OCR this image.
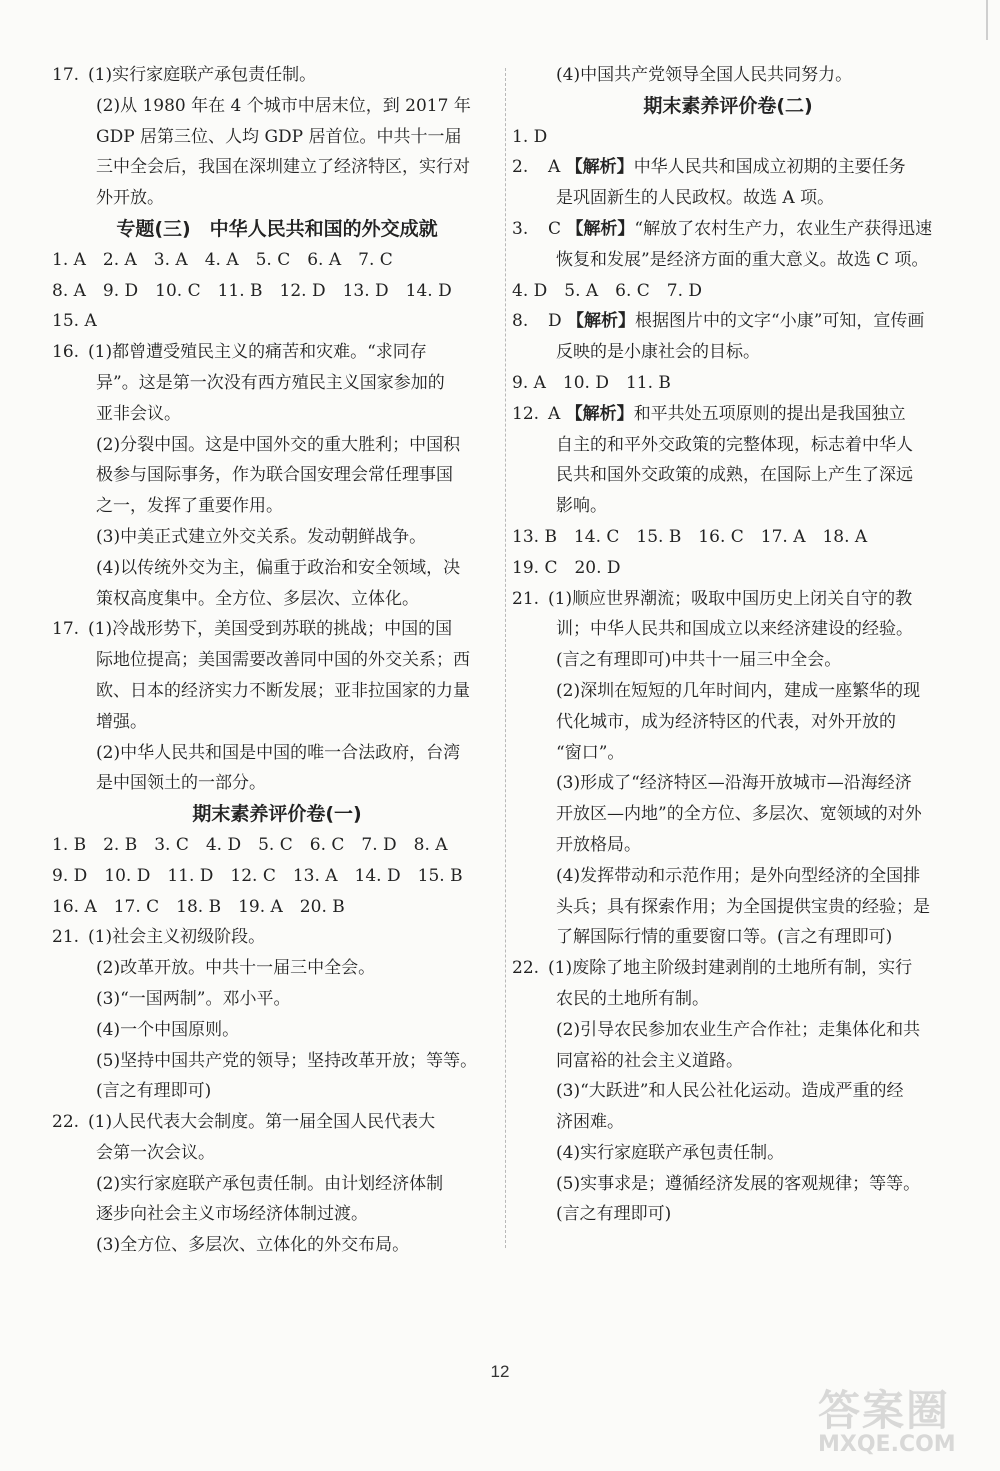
17. (1)实行家庭联产承包责任制。
(2)从 1980 年在 4 个城市中居末位，到 2017 年
GDP 居第三位、人均 GDP 居首位。中共十一届
三中全会后，我国在深圳建立了经济特区，实行对
外开放。
专题(三)　中华人民共和国的外交成就
1. A　2. A　3. A　4. A　5. C　6. A　7. C
8. A　9. D　10. C　11. B　12. D　13. D　14. D
15. A
16. (1)都曾遭受殖民主义的痛苦和灾难。“求同存
异”。这是第一次没有西方殖民主义国家参加的
亚非会议。
(2)分裂中国。这是中国外交的重大胜利；中国积
极参与国际事务，作为联合国安理会常任理事国
之一，发挥了重要作用。
(3)中美正式建立外交关系。发动朝鲜战争。
(4)以传统外交为主，偏重于政治和安全领域，决
策权高度集中。全方位、多层次、立体化。
17. (1)冷战形势下，美国受到苏联的挑战；中国的国
际地位提高；美国需要改善同中国的外交关系；西
欧、日本的经济实力不断发展；亚非拉国家的力量
增强。
(2)中华人民共和国是中国的唯一合法政府，台湾
是中国领土的一部分。
期末素养评价卷(一)
1. B　2. B　3. C　4. D　5. C　6. C　7. D　8. A
9. D　10. D　11. D　12. C　13. A　14. D　15. B
16. A　17. C　18. B　19. A　20. B
21. (1)社会主义初级阶段。
(2)改革开放。中共十一届三中全会。
(3)“一国两制”。邓小平。
(4)一个中国原则。
(5)坚持中国共产党的领导；坚持改革开放；等等。
(言之有理即可)
22. (1)人民代表大会制度。第一届全国人民代表大
会第一次会议。
(2)实行家庭联产承包责任制。由计划经济体制
逐步向社会主义市场经济体制过渡。
(3)全方位、多层次、立体化的外交布局。
(4)中国共产党领导全国人民共同努力。
期末素养评价卷(二)
1. D
2.	A 【解析】中华人民共和国成立初期的主要任务
是巩固新生的人民政权。故选 A 项。
3.	C 【解析】“解放了农村生产力，农业生产获得迅速
恢复和发展”是经济方面的重大意义。故选 C 项。
4. D　5. A　6. C　7. D
8.	D 【解析】根据图片中的文字“小康”可知，宣传画
反映的是小康社会的目标。
9. A　10. D　11. B
12. A 【解析】和平共处五项原则的提出是我国独立
自主的和平外交政策的完整体现，标志着中华人
民共和国外交政策的成熟，在国际上产生了深远
影响。
13. B　14. C　15. B　16. C　17. A　18. A
19. C　20. D
21. (1)顺应世界潮流；吸取中国历史上闭关自守的教
训；中华人民共和国成立以来经济建设的经验。
(言之有理即可)中共十一届三中全会。
(2)深圳在短短的几年时间内，建成一座繁华的现
代化城市，成为经济特区的代表，对外开放的
“窗口”。
(3)形成了“经济特区—沿海开放城市—沿海经济
开放区—内地”的全方位、多层次、宽领域的对外
开放格局。
(4)发挥带动和示范作用；是外向型经济的全国排
头兵；具有探索作用；为全国提供宝贵的经验；是
了解国际行情的重要窗口等。(言之有理即可)
22. (1)废除了地主阶级封建剥削的土地所有制，实行
农民的土地所有制。
(2)引导农民参加农业生产合作社；走集体化和共
同富裕的社会主义道路。
(3)“大跃进”和人民公社化运动。造成严重的经
济困难。
(4)实行家庭联产承包责任制。
(5)实事求是；遵循经济发展的客观规律；等等。
(言之有理即可)
12
答案圈
MXQE.COM
